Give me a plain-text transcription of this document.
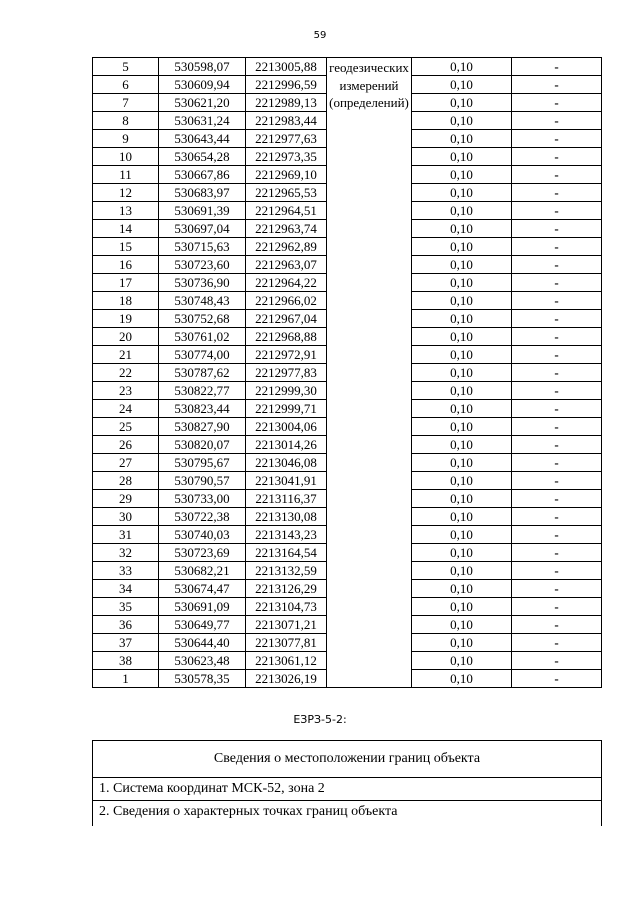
59
5	530598,07	2213005,88	геодезических
измерений
(определений)	0,10	-
6	530609,94	2212996,59		0,10	-
7	530621,20	2212989,13		0,10	-
8	530631,24	2212983,44		0,10	-
9	530643,44	2212977,63		0,10	-
10	530654,28	2212973,35		0,10	-
11	530667,86	2212969,10		0,10	-
12	530683,97	2212965,53		0,10	-
13	530691,39	2212964,51		0,10	-
14	530697,04	2212963,74		0,10	-
15	530715,63	2212962,89		0,10	-
16	530723,60	2212963,07		0,10	-
17	530736,90	2212964,22		0,10	-
18	530748,43	2212966,02		0,10	-
19	530752,68	2212967,04		0,10	-
20	530761,02	2212968,88		0,10	-
21	530774,00	2212972,91		0,10	-
22	530787,62	2212977,83		0,10	-
23	530822,77	2212999,30		0,10	-
24	530823,44	2212999,71		0,10	-
25	530827,90	2213004,06		0,10	-
26	530820,07	2213014,26		0,10	-
27	530795,67	2213046,08		0,10	-
28	530790,57	2213041,91		0,10	-
29	530733,00	2213116,37		0,10	-
30	530722,38	2213130,08		0,10	-
31	530740,03	2213143,23		0,10	-
32	530723,69	2213164,54		0,10	-
33	530682,21	2213132,59		0,10	-
34	530674,47	2213126,29		0,10	-
35	530691,09	2213104,73		0,10	-
36	530649,77	2213071,21		0,10	-
37	530644,40	2213077,81		0,10	-
38	530623,48	2213061,12		0,10	-
1	530578,35	2213026,19		0,10	-
ЕЗРЗ-5-2:
Сведения о местоположении границ объекта
1. Система координат МСК-52, зона 2
2. Сведения о характерных точках границ объекта
